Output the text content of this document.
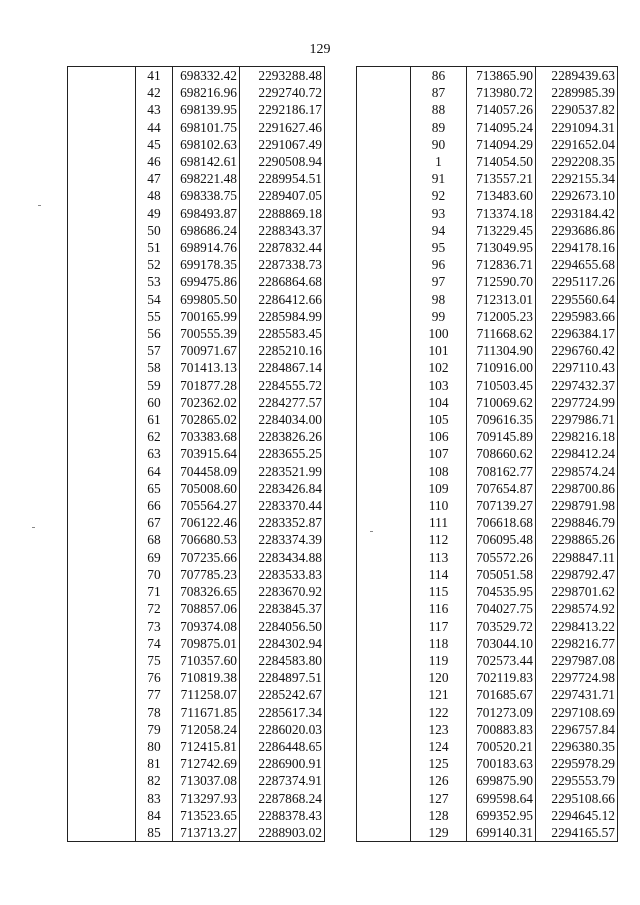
129
	41	698332.42	2293288.48
	42	698216.96	2292740.72
	43	698139.95	2292186.17
	44	698101.75	2291627.46
	45	698102.63	2291067.49
	46	698142.61	2290508.94
	47	698221.48	2289954.51
	48	698338.75	2289407.05
	49	698493.87	2288869.18
	50	698686.24	2288343.37
	51	698914.76	2287832.44
	52	699178.35	2287338.73
	53	699475.86	2286864.68
	54	699805.50	2286412.66
	55	700165.99	2285984.99
	56	700555.39	2285583.45
	57	700971.67	2285210.16
	58	701413.13	2284867.14
	59	701877.28	2284555.72
	60	702362.02	2284277.57
	61	702865.02	2284034.00
	62	703383.68	2283826.26
	63	703915.64	2283655.25
	64	704458.09	2283521.99
	65	705008.60	2283426.84
	66	705564.27	2283370.44
	67	706122.46	2283352.87
	68	706680.53	2283374.39
	69	707235.66	2283434.88
	70	707785.23	2283533.83
	71	708326.65	2283670.92
	72	708857.06	2283845.37
	73	709374.08	2284056.50
	74	709875.01	2284302.94
	75	710357.60	2284583.80
	76	710819.38	2284897.51
	77	711258.07	2285242.67
	78	711671.85	2285617.34
	79	712058.24	2286020.03
	80	712415.81	2286448.65
	81	712742.69	2286900.91
	82	713037.08	2287374.91
	83	713297.93	2287868.24
	84	713523.65	2288378.43
	85	713713.27	2288903.02
	86	713865.90	2289439.63
	87	713980.72	2289985.39
	88	714057.26	2290537.82
	89	714095.24	2291094.31
	90	714094.29	2291652.04
	1	714054.50	2292208.35
	91	713557.21	2292155.34
	92	713483.60	2292673.10
	93	713374.18	2293184.42
	94	713229.45	2293686.86
	95	713049.95	2294178.16
	96	712836.71	2294655.68
	97	712590.70	2295117.26
	98	712313.01	2295560.64
	99	712005.23	2295983.66
	100	711668.62	2296384.17
	101	711304.90	2296760.42
	102	710916.00	2297110.43
	103	710503.45	2297432.37
	104	710069.62	2297724.99
	105	709616.35	2297986.71
	106	709145.89	2298216.18
	107	708660.62	2298412.24
	108	708162.77	2298574.24
	109	707654.87	2298700.86
	110	707139.27	2298791.98
	111	706618.68	2298846.79
	112	706095.48	2298865.26
	113	705572.26	2298847.11
	114	705051.58	2298792.47
	115	704535.95	2298701.62
	116	704027.75	2298574.92
	117	703529.72	2298413.22
	118	703044.10	2298216.77
	119	702573.44	2297987.08
	120	702119.83	2297724.98
	121	701685.67	2297431.71
	122	701273.09	2297108.69
	123	700883.83	2296757.84
	124	700520.21	2296380.35
	125	700183.63	2295978.29
	126	699875.90	2295553.79
	127	699598.64	2295108.66
	128	699352.95	2294645.12
	129	699140.31	2294165.57
